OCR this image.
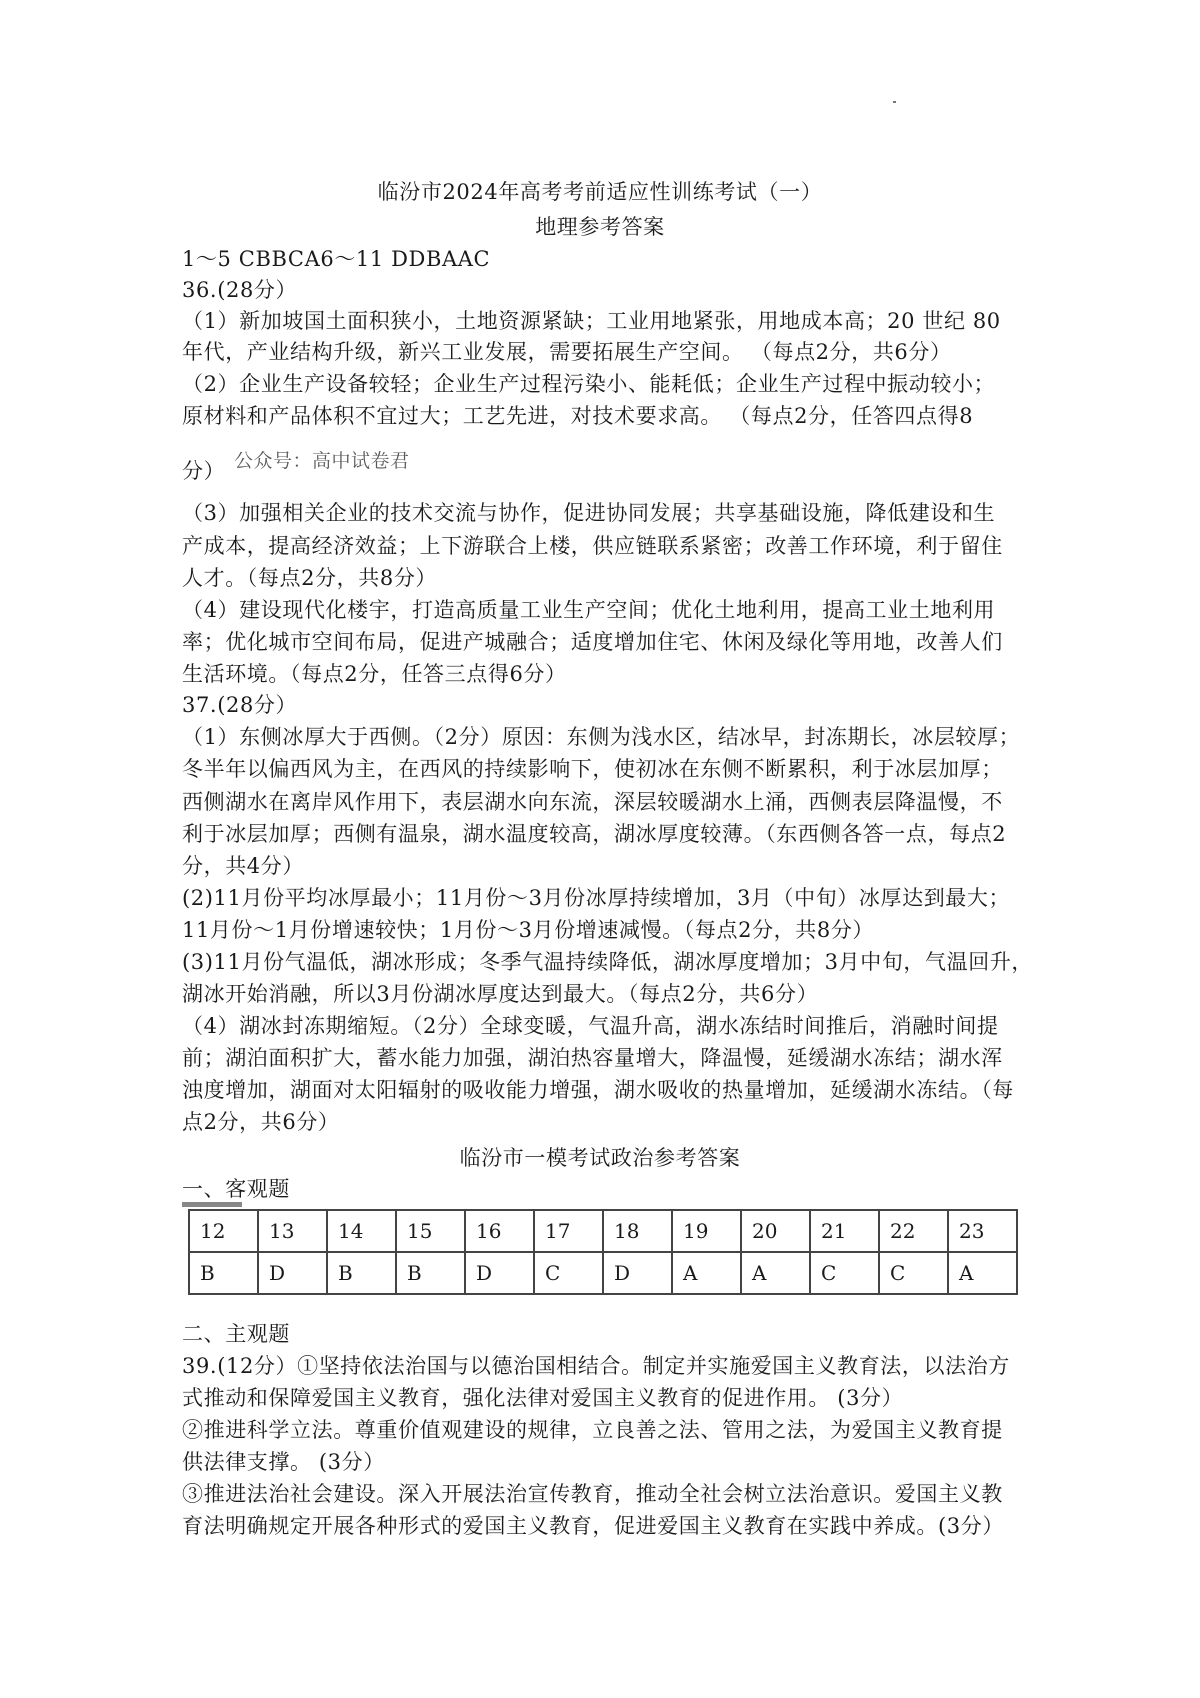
临汾市2024年高考考前适应性训练考试（一）
地理参考答案
1～5 CBBCA6～11 DDBAAC
36.(28分）
（1）新加坡国土面积狭小，土地资源紧缺；工业用地紧张，用地成本高；20 世纪 80
年代，产业结构升级，新兴工业发展，需要拓展生产空间。 （每点2分，共6分）
（2）企业生产设备较轻；企业生产过程污染小、能耗低；企业生产过程中振动较小；
原材料和产品体积不宜过大；工艺先进，对技术要求高。 （每点2分，任答四点得8
分） 公众号：高中试卷君
（3）加强相关企业的技术交流与协作，促进协同发展；共享基础设施，降低建设和生
产成本，提高经济效益；上下游联合上楼，供应链联系紧密；改善工作环境，利于留住
人才。（每点2分，共8分）
（4）建设现代化楼宇，打造高质量工业生产空间；优化土地利用，提高工业土地利用
率；优化城市空间布局，促进产城融合；适度增加住宅、休闲及绿化等用地，改善人们
生活环境。（每点2分，任答三点得6分）
37.(28分）
（1）东侧冰厚大于西侧。（2分）原因：东侧为浅水区，结冰早，封冻期长，冰层较厚；
冬半年以偏西风为主，在西风的持续影响下，使初冰在东侧不断累积，利于冰层加厚；
西侧湖水在离岸风作用下，表层湖水向东流，深层较暖湖水上涌，西侧表层降温慢，不
利于冰层加厚；西侧有温泉，湖水温度较高，湖冰厚度较薄。（东西侧各答一点，每点2
分，共4分）
(2)11月份平均冰厚最小；11月份～3月份冰厚持续增加，3月（中旬）冰厚达到最大；
11月份～1月份增速较快；1月份～3月份增速减慢。（每点2分，共8分）
(3)11月份气温低，湖冰形成；冬季气温持续降低，湖冰厚度增加；3月中旬，气温回升，
湖冰开始消融，所以3月份湖冰厚度达到最大。（每点2分，共6分）
（4）湖冰封冻期缩短。（2分）全球变暖，气温升高，湖水冻结时间推后，消融时间提
前；湖泊面积扩大，蓄水能力加强，湖泊热容量增大，降温慢，延缓湖水冻结；湖水浑
浊度增加，湖面对太阳辐射的吸收能力增强，湖水吸收的热量增加，延缓湖水冻结。（每
点2分，共6分）
临汾市一模考试政治参考答案
一、客观题
12	13	14	15	16	17	18	19	20	21	22	23
B	D	B	B	D	C	D	A	A	C	C	A
二、主观题
39.(12分）①坚持依法治国与以德治国相结合。制定并实施爱国主义教育法，以法治方
式推动和保障爱国主义教育，强化法律对爱国主义教育的促进作用。 (3分）
②推进科学立法。尊重价值观建设的规律，立良善之法、管用之法，为爱国主义教育提
供法律支撑。 (3分）
③推进法治社会建设。深入开展法治宣传教育，推动全社会树立法治意识。爱国主义教
育法明确规定开展各种形式的爱国主义教育，促进爱国主义教育在实践中养成。(3分）
